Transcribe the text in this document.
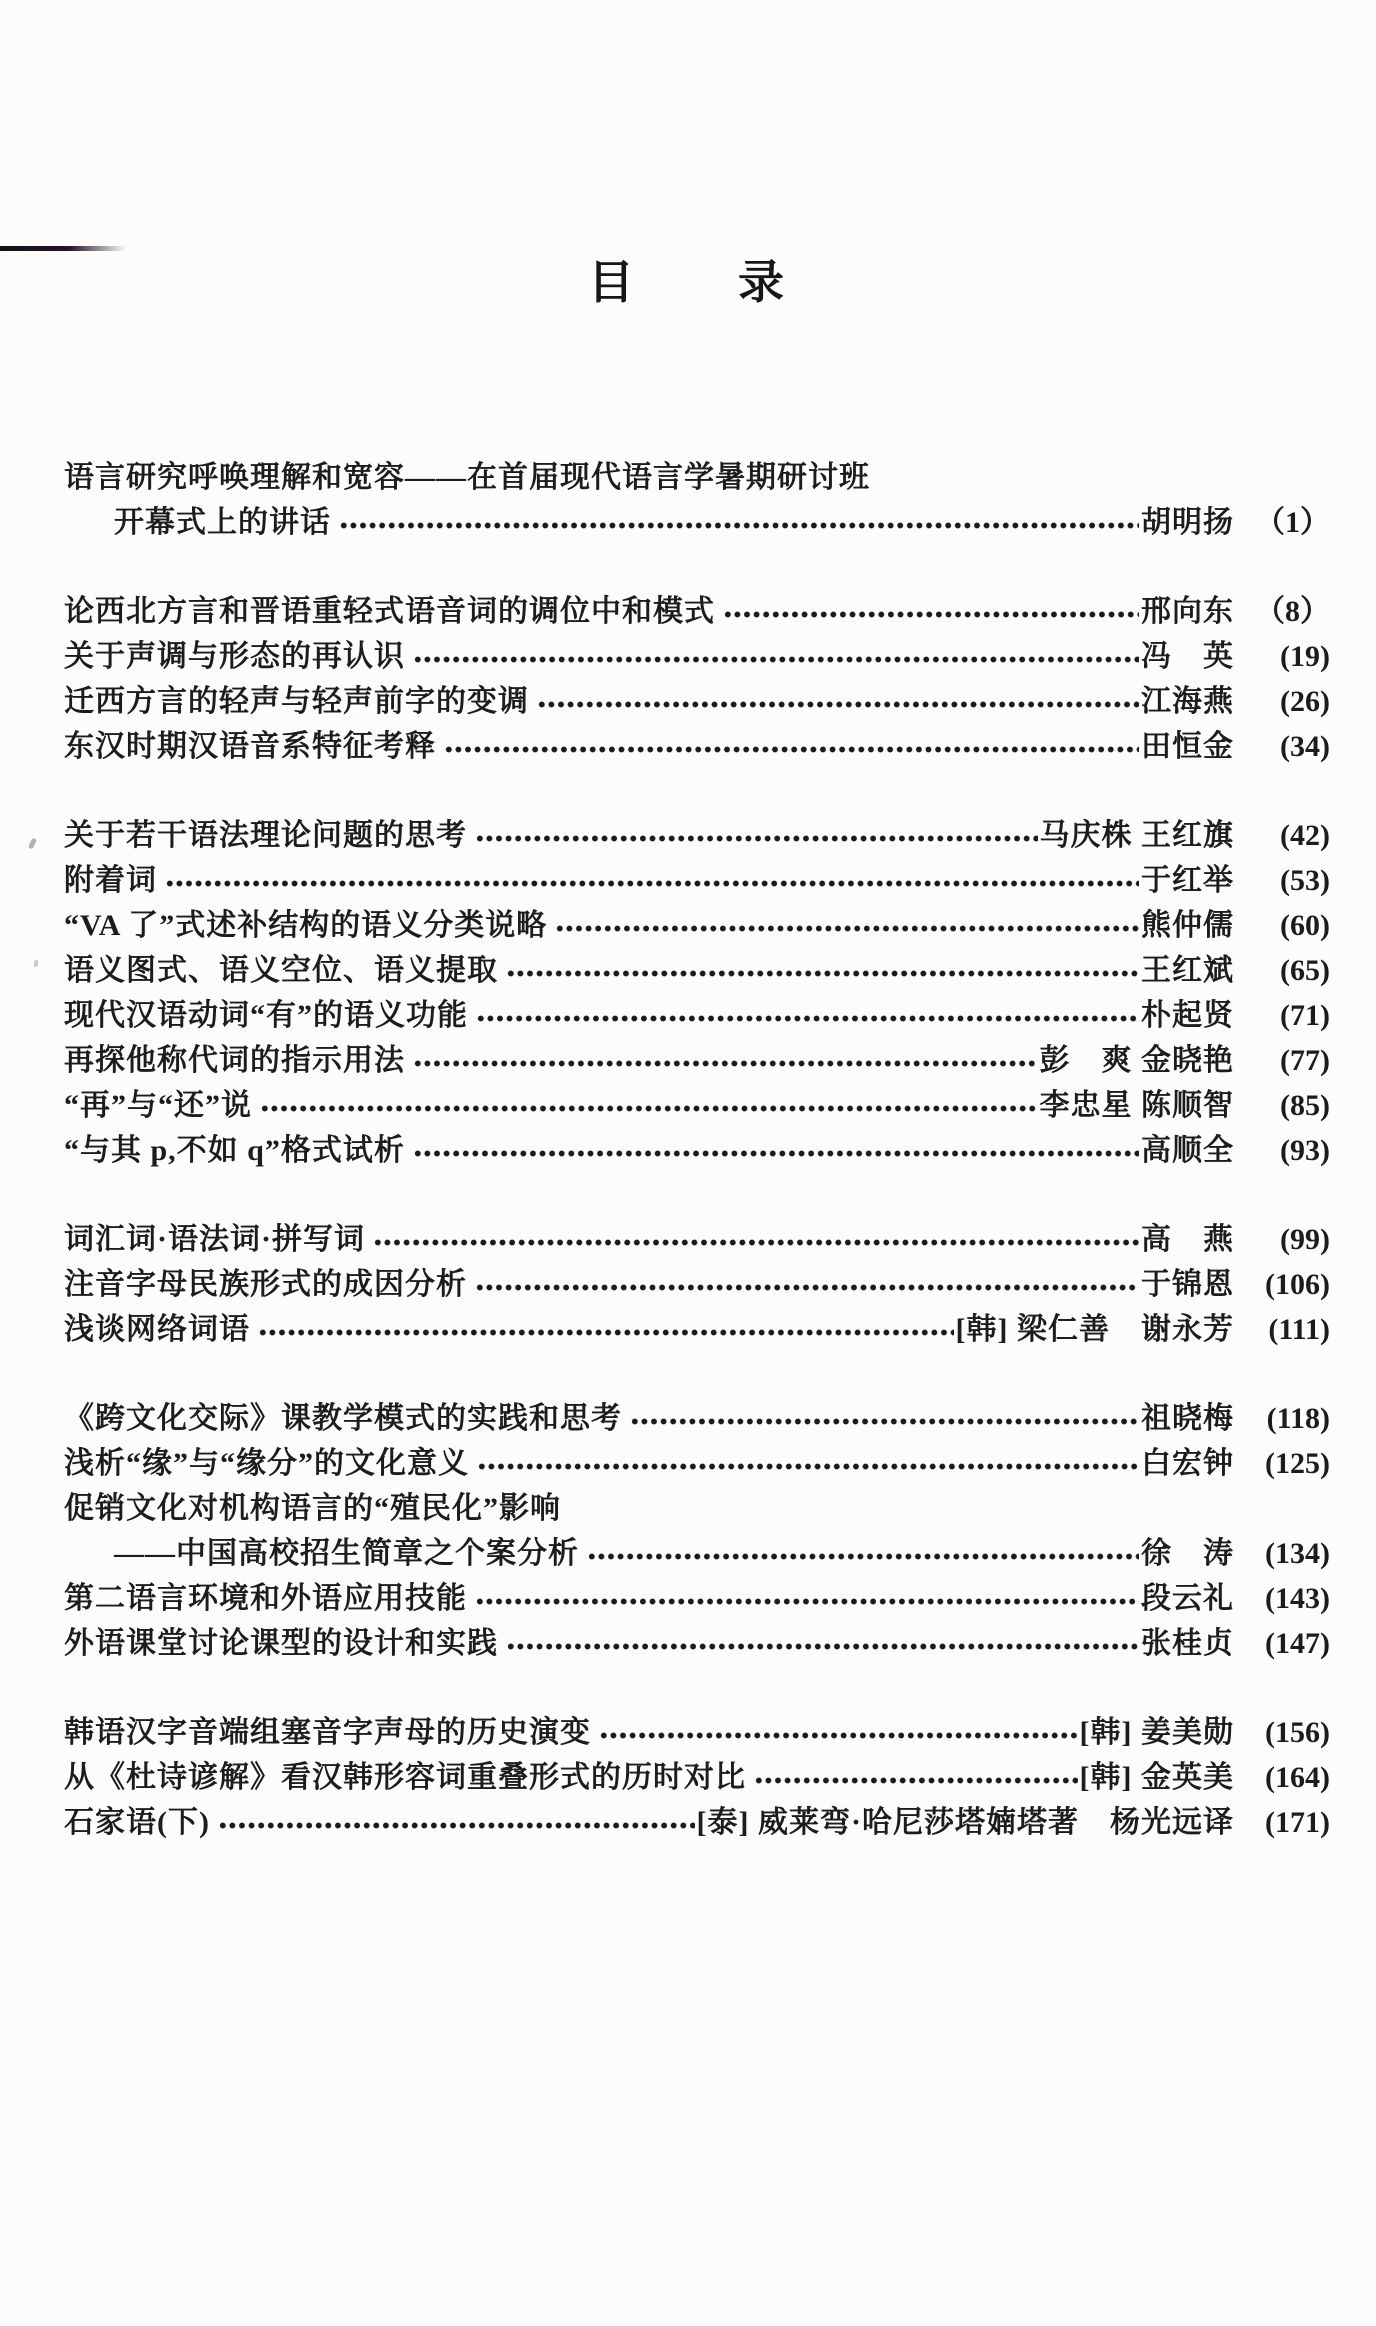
目　　录
语言研究呼唤理解和宽容——在首届现代语言学暑期研讨班
开幕式上的讲话	胡明扬 （1）
论西北方言和晋语重轻式语音词的调位中和模式	邢向东 （8）
关于声调与形态的再认识	冯　英	(19)
迁西方言的轻声与轻声前字的变调	江海燕	(26)
东汉时期汉语音系特征考释	田恒金	(34)
关于若干语法理论问题的思考	马庆株 王红旗	(42)
附着词	于红举	(53)
“VA 了”式述补结构的语义分类说略	熊仲儒	(60)
语义图式、语义空位、语义提取	王红斌	(65)
现代汉语动词“有”的语义功能	朴起贤	(71)
再探他称代词的指示用法	彭　爽 金晓艳	(77)
“再”与“还”说	李忠星 陈顺智	(85)
“与其 p,不如 q”格式试析	高顺全	(93)
词汇词·语法词·拼写词	高　燕	(99)
注音字母民族形式的成因分析	于锦恩	(106)
浅谈网络词语	[韩] 梁仁善　谢永芳	(111)
《跨文化交际》课教学模式的实践和思考	祖晓梅	(118)
浅析“缘”与“缘分”的文化意义	白宏钟	(125)
促销文化对机构语言的“殖民化”影响
——中国高校招生简章之个案分析	徐　涛	(134)
第二语言环境和外语应用技能	段云礼	(143)
外语课堂讨论课型的设计和实践	张桂贞	(147)
韩语汉字音端组塞音字声母的历史演变	[韩] 姜美勋	(156)
从《杜诗谚解》看汉韩形容词重叠形式的历时对比	[韩] 金英美	(164)
石家语(下)	[泰] 威莱弯·哈尼莎塔婻塔著　杨光远译	(171)
